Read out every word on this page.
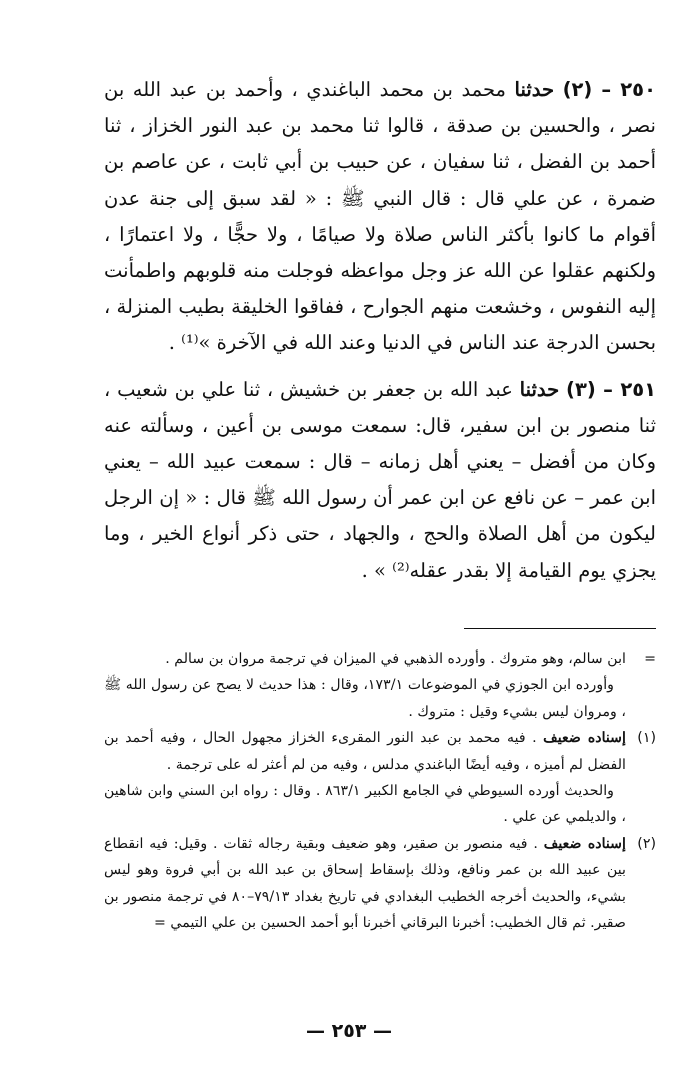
٢٥٠ – (٢) حدثنا محمد بن محمد الباغندي ، وأحمد بن عبد الله بن نصر ، والحسين بن صدقة ، قالوا ثنا محمد بن عبد النور الخزاز ، ثنا أحمد بن الفضل ، ثنا سفيان ، عن حبيب بن أبي ثابت ، عن عاصم بن ضمرة ، عن علي قال : قال النبي ﷺ : « لقد سبق إلى جنة عدن أقوام ما كانوا بأكثر الناس صلاة ولا صيامًا ، ولا حجًّا ، ولا اعتمارًا ، ولكنهم عقلوا عن الله عز وجل مواعظه فوجلت منه قلوبهم واطمأنت إليه النفوس ، وخشعت منهم الجوارح ، ففاقوا الخليقة بطيب المنزلة ، بحسن الدرجة عند الناس في الدنيا وعند الله في الآخرة »⁽¹⁾ .

٢٥١ – (٣) حدثنا عبد الله بن جعفر بن خشيش ، ثنا علي بن شعيب ، ثنا منصور بن ابن سفير، قال: سمعت موسى بن أعين ، وسألته عنه وكان من أفضل – يعني أهل زمانه – قال : سمعت عبيد الله – يعني ابن عمر – عن نافع عن ابن عمر أن رسول الله ﷺ قال : « إن الرجل ليكون من أهل الصلاة والحج ، والجهاد ، حتى ذكر أنواع الخير ، وما يجزي يوم القيامة إلا بقدر عقله⁽²⁾ » .

=

ابن سالم، وهو متروك . وأورده الذهبي في الميزان في ترجمة مروان بن سالم .

وأورده ابن الجوزي في الموضوعات ١٧٣/١، وقال : هذا حديث لا يصح عن رسول الله ﷺ ، ومروان ليس بشيء وقيل : متروك .

(١)

إسناده ضعيف . فيه محمد بن عبد النور المقرىء الخزاز مجهول الحال ، وفيه أحمد بن الفضل لم أميزه ، وفيه أيضًا الباغندي مدلس ، وفيه من لم أعثر له على ترجمة .

والحديث أورده السيوطي في الجامع الكبير ٨٦٣/١ . وقال : رواه ابن السني وابن شاهين ، والديلمي عن علي .

(٢)

إسناده ضعيف . فيه منصور بن صقير، وهو ضعيف وبقية رجاله ثقات . وقيل: فيه انقطاع بين عبيد الله بن عمر ونافع، وذلك بإسقاط إسحاق بن عبد الله بن أبي فروة وهو ليس بشيء، والحديث أخرجه الخطيب البغدادي في تاريخ بغداد ٧٩/١٣–٨٠ في ترجمة منصور بن صقير. ثم قال الخطيب: أخبرنا البرقاني أخبرنا أبو أحمد الحسين بن علي التيمي =

— ٢٥٣ —
